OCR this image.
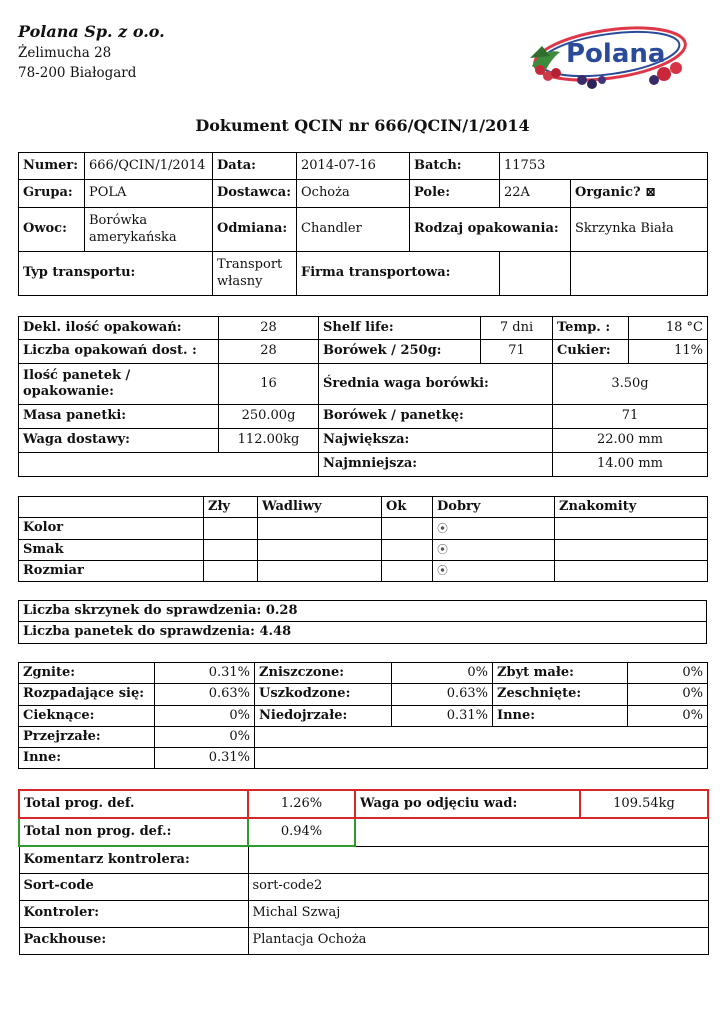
Polana Sp. z o.o.
Żelimucha 28
78-200 Białogard
Polana
Dokument QCIN nr 666/QCIN/1/2014
Numer:	666/QCIN/1/2014	Data:	2014-07-16	Batch:	11753	
Grupa:	POLA	Dostawca:	Ochoża	Pole:	22A	Organic? ⊠
Owoc:	Borówka amerykańska	Odmiana:	Chandler	Rodzaj opakowania:		Skrzynka Biała
Typ transportu:		Transport własny	Firma transportowa:			
Dekl. ilość opakowań:	28	Shelf life:	7 dni	Temp. :	18 °C
Liczba opakowań dost. :	28	Borówek / 250g:	71	Cukier:	11%
Ilość panetek / opakowanie:	16	Średnia waga borówki:		3.50g	
Masa panetki:	250.00g	Borówek / panetkę:		71	
Waga dostawy:	112.00kg	Największa:		22.00 mm	
		Najmniejsza:		14.00 mm	
	Zły	Wadliwy	Ok	Dobry	Znakomity
Kolor				⦿	
Smak				⦿	
Rozmiar				⦿	
Liczba skrzynek do sprawdzenia: 0.28
Liczba panetek do sprawdzenia: 4.48
Zgnite:	0.31%	Zniszczone:	0%	Zbyt małe:	0%
Rozpadające się:	0.63%	Uszkodzone:	0.63%	Zeschnięte:	0%
Cieknące:	0%	Niedojrzałe:	0.31%	Inne:	0%
Przejrzałe:	0%				
Inne:	0.31%				
Total prog. def.	1.26%	Waga po odjęciu wad:	109.54kg
Total non prog. def.:	0.94%		
Komentarz kontrolera:			
Sort-code	sort-code2		
Kontroler:	Michal Szwaj		
Packhouse:	Plantacja Ochoża		
